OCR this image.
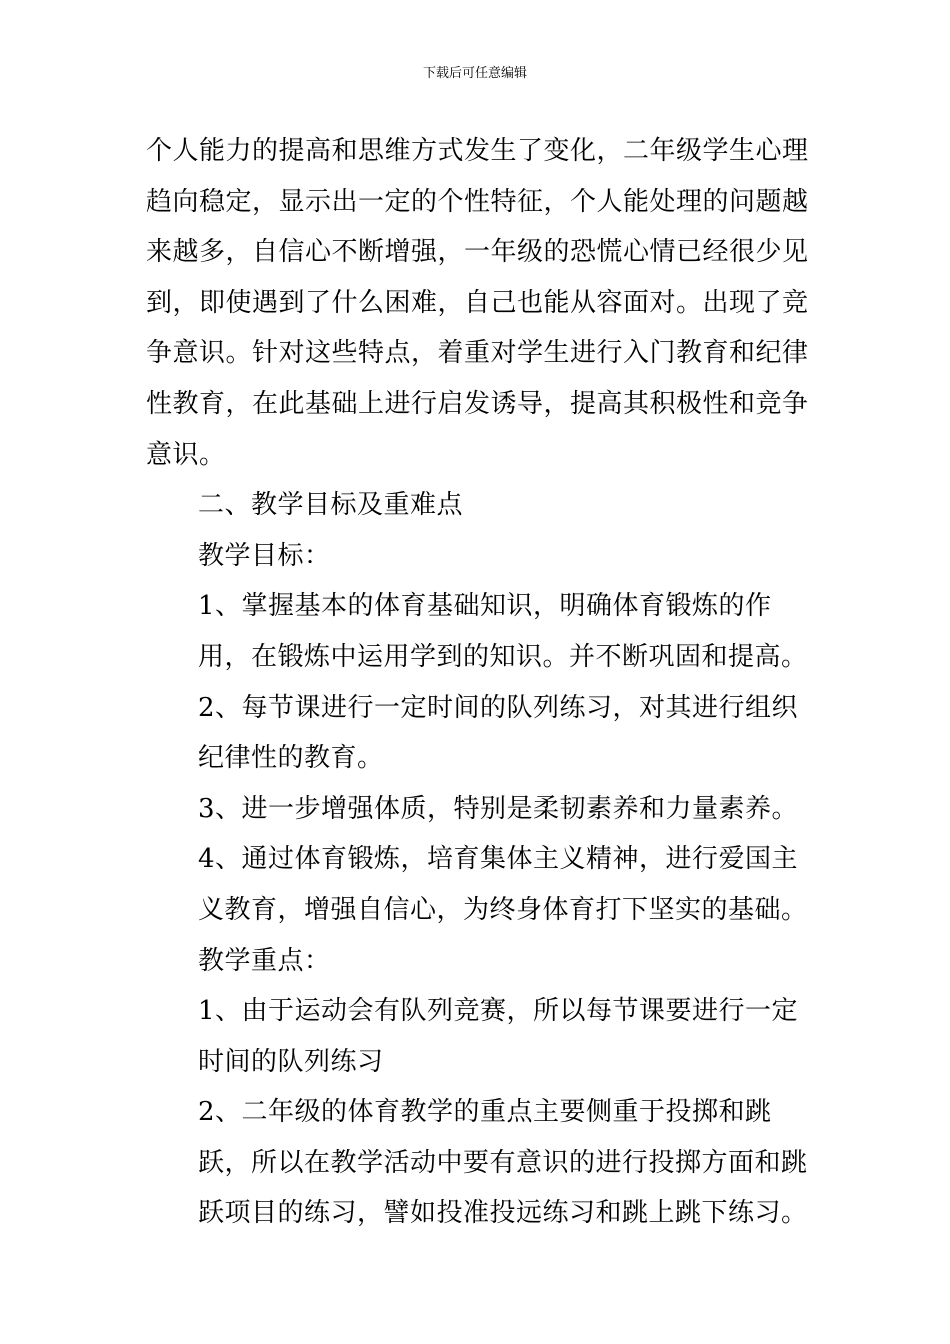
下载后可任意编辑

个人能力的提高和思维方式发生了变化，二年级学生心理趋向稳定，显示出一定的个性特征，个人能处理的问题越来越多，自信心不断增强，一年级的恐慌心情已经很少见到，即使遇到了什么困难，自己也能从容面对。出现了竞争意识。针对这些特点，着重对学生进行入门教育和纪律性教育，在此基础上进行启发诱导，提高其积极性和竞争意识。

二、教学目标及重难点

教学目标：

1、掌握基本的体育基础知识，明确体育锻炼的作用，在锻炼中运用学到的知识。并不断巩固和提高。

2、每节课进行一定时间的队列练习，对其进行组织纪律性的教育。

3、进一步增强体质，特别是柔韧素养和力量素养。

4、通过体育锻炼，培育集体主义精神，进行爱国主义教育，增强自信心，为终身体育打下坚实的基础。

教学重点：

1、由于运动会有队列竞赛，所以每节课要进行一定时间的队列练习

2、二年级的体育教学的重点主要侧重于投掷和跳跃，所以在教学活动中要有意识的进行投掷方面和跳跃项目的练习，譬如投准投远练习和跳上跳下练习。
